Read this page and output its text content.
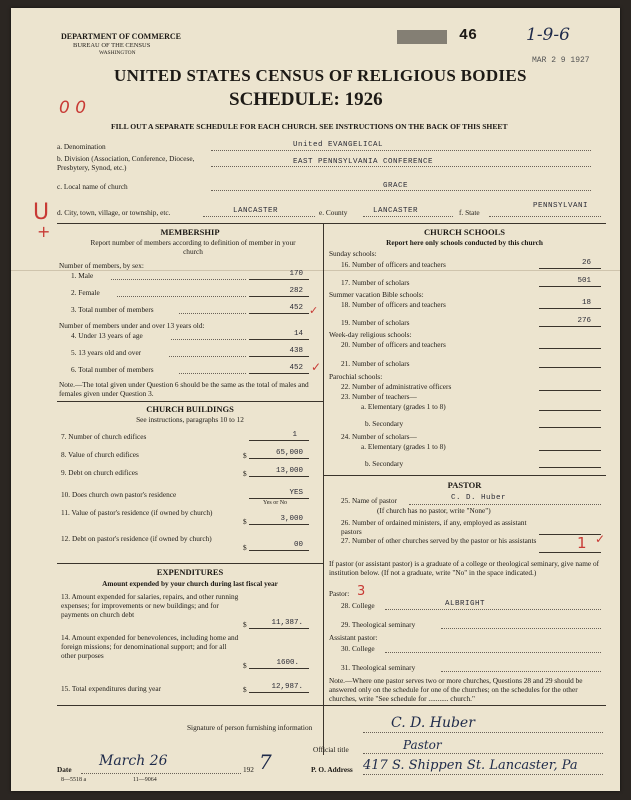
DEPARTMENT OF COMMERCE
BUREAU OF THE CENSUS
WASHINGTON
46	1-9-6
MAR 2 9 1927
UNITED STATES CENSUS OF RELIGIOUS BODIES
SCHEDULE: 1926
0 0
FILL OUT A SEPARATE SCHEDULE FOR EACH CHURCH. SEE INSTRUCTIONS ON THE BACK OF THIS SHEET
a. Denomination	United EVANGELICAL
b. Division (Association, Conference, Diocese, Presbytery, Synod, etc.)
EAST PENNSYLVANIA CONFERENCE
c. Local name of church	GRACE
U
+
d. City, town, village, or township, etc.	LANCASTER	e. County	LANCASTER	f. State
PENNSYLVANI
MEMBERSHIP
Report number of members according to definition of member in your church
Number of members, by sex:
1. Male	170
2. Female	282
3. Total number of members	452
Number of members under and over 13 years old:
4. Under 13 years of age	14
5. 13 years old and over	438
6. Total number of members	452
Note.—The total given under Question 6 should be the same as the total of males and females given under Question 3.
CHURCH BUILDINGS
See instructions, paragraphs 10 to 12
7. Number of church edifices	1
8. Value of church edifices	$	65,000
9. Debt on church edifices	$	13,000
10. Does church own pastor's residence	YES
Yes or No
11. Value of pastor's residence (if owned by church)
$	3,000
12. Debt on pastor's residence (if owned by church)
$	00
EXPENDITURES
Amount expended by your church during last fiscal year
13. Amount expended for salaries, repairs, and other running expenses; for improvements or new buildings; and for payments on church debt
$	11,387.
14. Amount expended for benevolences, including home and foreign missions; for denominational support; and for all other purposes
$	1600.
15. Total expenditures during year	$	12,987.
CHURCH SCHOOLS
Report here only schools conducted by this church
Sunday schools:
16. Number of officers and teachers	26
17. Number of scholars	501
Summer vacation Bible schools:
18. Number of officers and teachers	18
19. Number of scholars	276
Week-day religious schools:
20. Number of officers and teachers
21. Number of scholars
Parochial schools:
22. Number of administrative officers
23. Number of teachers—
a. Elementary (grades 1 to 8)
b. Secondary
24. Number of scholars—
a. Elementary (grades 1 to 8)
b. Secondary
PASTOR
25. Name of pastor	C. D. Huber
(If church has no pastor, write "None")
26. Number of ordained ministers, if any, employed as assistant pastors
27. Number of other churches served by the pastor or his assistants	1
If pastor (or assistant pastor) is a graduate of a college or theological seminary, give name of institution below. (If not a graduate, write "No" in the space indicated.)
Pastor: 3
28. College	ALBRIGHT
29. Theological seminary
Assistant pastor:
30. College
31. Theological seminary
Note.—Where one pastor serves two or more churches, Questions 28 and 29 should be answered only on the schedule for one of the churches; on the schedules for the other churches, write "See schedule for ........... church."
Signature of person furnishing information	C. D. Huber
Official title	Pastor
Date
March 26
192 7	P. O. Address 417 S. Shippen St. Lancaster, Pa
8—5518 a	11—9064
✓
✓
✓
